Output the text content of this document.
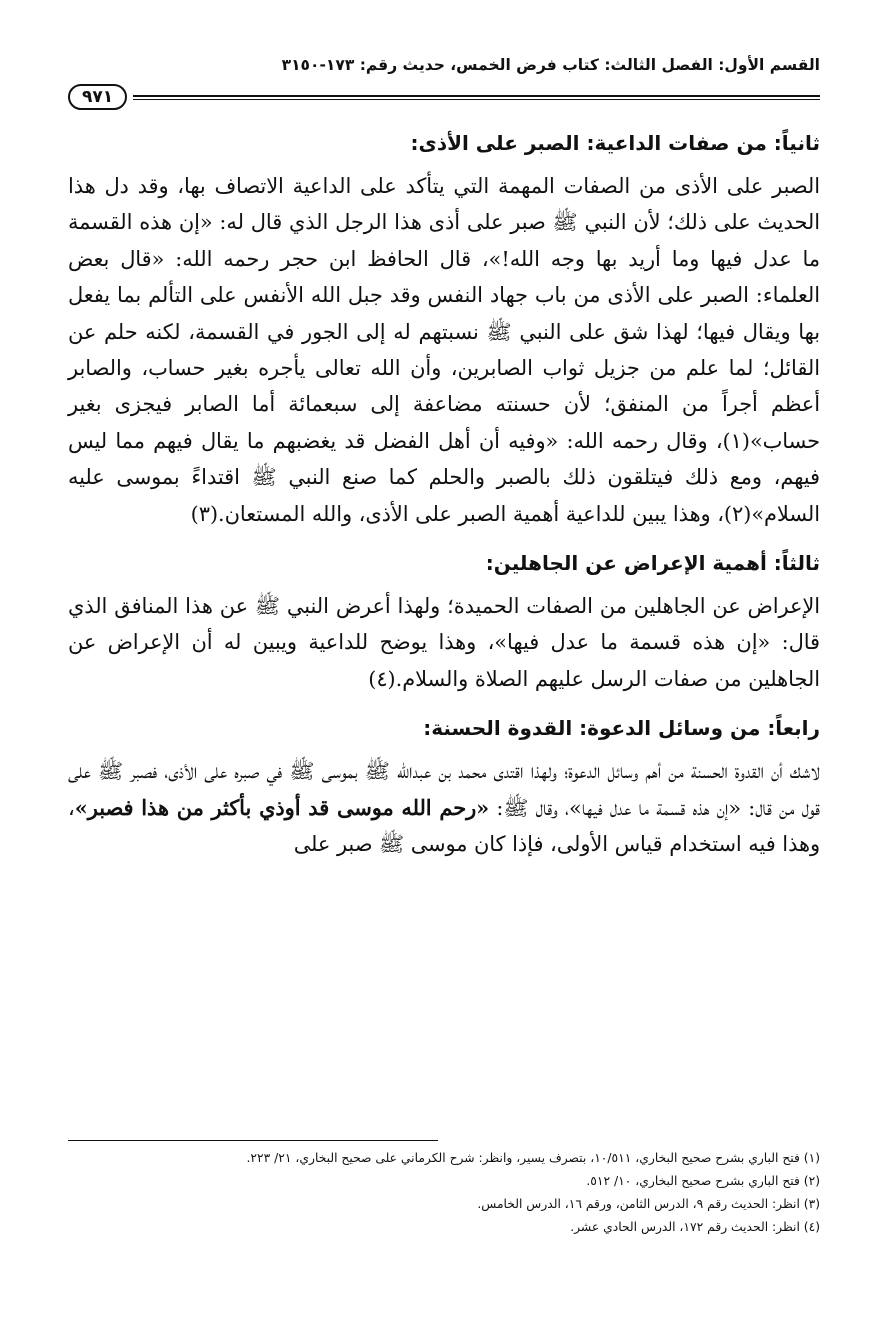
القسم الأول: الفصل الثالث: كتاب فرض الخمس، حديث رقم: ١٧٣-٣١٥٠
٩٧١
ثانياً: من صفات الداعية: الصبر على الأذى:

الصبر على الأذى من الصفات المهمة التي يتأكد على الداعية الاتصاف بها، وقد دل هذا الحديث على ذلك؛ لأن النبي ﷺ صبر على أذى هذا الرجل الذي قال له: «إن هذه القسمة ما عدل فيها وما أريد بها وجه الله!»، قال الحافظ ابن حجر رحمه الله: «قال بعض العلماء: الصبر على الأذى من باب جهاد النفس وقد جبل الله الأنفس على التألم بما يفعل بها ويقال فيها؛ لهذا شق على النبي ﷺ نسبتهم له إلى الجور في القسمة، لكنه حلم عن القائل؛ لما علم من جزيل ثواب الصابرين، وأن الله تعالى يأجره بغير حساب، والصابر أعظم أجراً من المنفق؛ لأن حسنته مضاعفة إلى سبعمائة أما الصابر فيجزى بغير حساب»(١)، وقال رحمه الله: «وفيه أن أهل الفضل قد يغضبهم ما يقال فيهم مما ليس فيهم، ومع ذلك فيتلقون ذلك بالصبر والحلم كما صنع النبي ﷺ اقتداءً بموسى عليه السلام»(٢)، وهذا يبين للداعية أهمية الصبر على الأذى، والله المستعان.(٣)

ثالثاً: أهمية الإعراض عن الجاهلين:

الإعراض عن الجاهلين من الصفات الحميدة؛ ولهذا أعرض النبي ﷺ عن هذا المنافق الذي قال: «إن هذه قسمة ما عدل فيها»، وهذا يوضح للداعية ويبين له أن الإعراض عن الجاهلين من صفات الرسل عليهم الصلاة والسلام.(٤)

رابعاً: من وسائل الدعوة: القدوة الحسنة:

لاشك أن القدوة الحسنة من أهم وسائل الدعوة؛ ولهذا اقتدى محمد بن عبدالله ﷺ بموسى ﷺ في صبره على الأذى، فصبر ﷺ على قول من قال: «إن هذه قسمة ما عدل فيها»، وقال ﷺ: «رحم الله موسى قد أوذي بأكثر من هذا فصبر»، وهذا فيه استخدام قياس الأولى، فإذا كان موسى ﷺ صبر على

(١) فتح الباري بشرح صحيح البخاري، ١٠/٥١١، بتصرف يسير، وانظر: شرح الكرماني على صحيح البخاري، ٢١/ ٢٢٣.
(٢) فتح الباري بشرح صحيح البخاري، ١٠/ ٥١٢.
(٣) انظر: الحديث رقم ٩، الدرس الثامن، ورقم ١٦، الدرس الخامس.
(٤) انظر: الحديث رقم ١٧٢، الدرس الحادي عشر.
